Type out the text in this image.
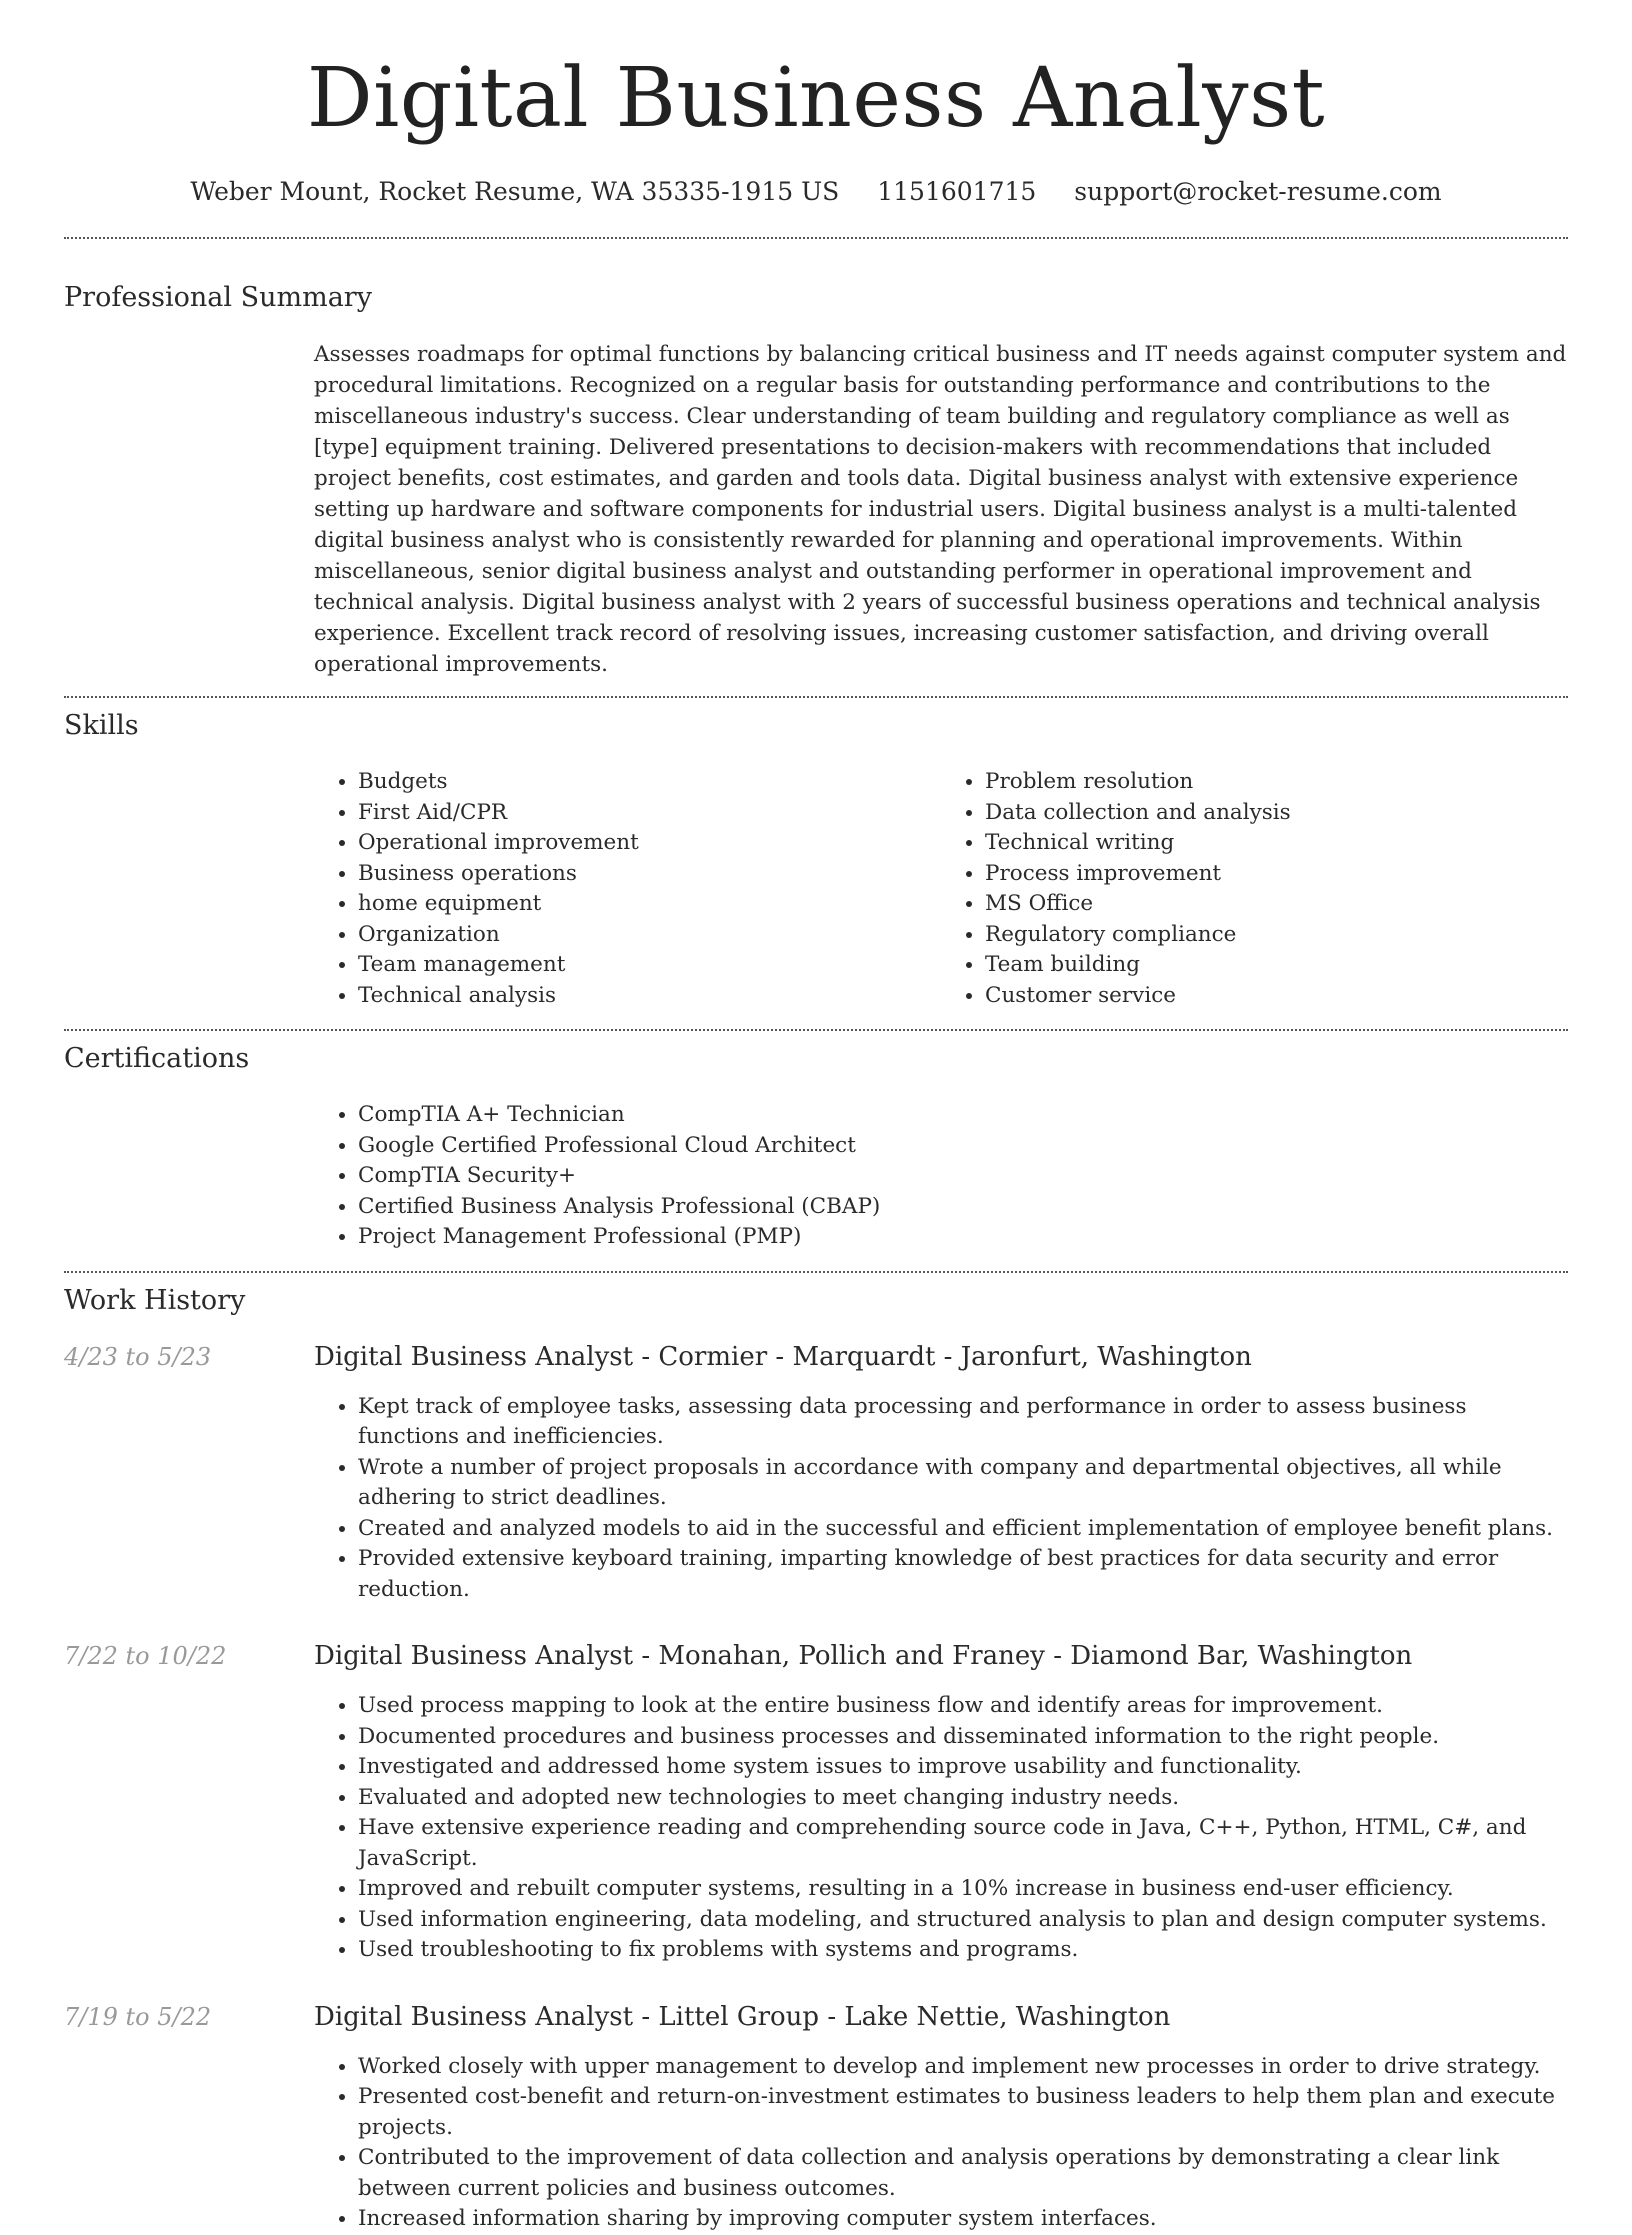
Digital Business Analyst
Weber Mount, Rocket Resume, WA 35335-1915 US 1151601715 support@rocket-resume.com
Professional Summary
Assesses roadmaps for optimal functions by balancing critical business and IT needs against computer system and procedural limitations. Recognized on a regular basis for outstanding performance and contributions to the miscellaneous industry's success. Clear understanding of team building and regulatory compliance as well as [type] equipment training. Delivered presentations to decision-makers with recommendations that included project benefits, cost estimates, and garden and tools data. Digital business analyst with extensive experience setting up hardware and software components for industrial users. Digital business analyst is a multi-talented digital business analyst who is consistently rewarded for planning and operational improvements. Within miscellaneous, senior digital business analyst and outstanding performer in operational improvement and technical analysis. Digital business analyst with 2 years of successful business operations and technical analysis experience. Excellent track record of resolving issues, increasing customer satisfaction, and driving overall operational improvements.
Skills
• Budgets
• First Aid/CPR
• Operational improvement
• Business operations
• home equipment
• Organization
• Team management
• Technical analysis
• Problem resolution
• Data collection and analysis
• Technical writing
• Process improvement
• MS Office
• Regulatory compliance
• Team building
• Customer service
Certifications
• CompTIA A+ Technician
• Google Certified Professional Cloud Architect
• CompTIA Security+
• Certified Business Analysis Professional (CBAP)
• Project Management Professional (PMP)
Work History
4/23 to 5/23	Digital Business Analyst - Cormier - Marquardt - Jaronfurt, Washington
• Kept track of employee tasks, assessing data processing and performance in order to assess business functions and inefficiencies.
• Wrote a number of project proposals in accordance with company and departmental objectives, all while adhering to strict deadlines.
• Created and analyzed models to aid in the successful and efficient implementation of employee benefit plans.
• Provided extensive keyboard training, imparting knowledge of best practices for data security and error reduction.
7/22 to 10/22	Digital Business Analyst - Monahan, Pollich and Franey - Diamond Bar, Washington
• Used process mapping to look at the entire business flow and identify areas for improvement.
• Documented procedures and business processes and disseminated information to the right people.
• Investigated and addressed home system issues to improve usability and functionality.
• Evaluated and adopted new technologies to meet changing industry needs.
• Have extensive experience reading and comprehending source code in Java, C++, Python, HTML, C#, and JavaScript.
• Improved and rebuilt computer systems, resulting in a 10% increase in business end-user efficiency.
• Used information engineering, data modeling, and structured analysis to plan and design computer systems.
• Used troubleshooting to fix problems with systems and programs.
7/19 to 5/22	Digital Business Analyst - Littel Group - Lake Nettie, Washington
• Worked closely with upper management to develop and implement new processes in order to drive strategy.
• Presented cost-benefit and return-on-investment estimates to business leaders to help them plan and execute projects.
• Contributed to the improvement of data collection and analysis operations by demonstrating a clear link between current policies and business outcomes.
• Increased information sharing by improving computer system interfaces.
